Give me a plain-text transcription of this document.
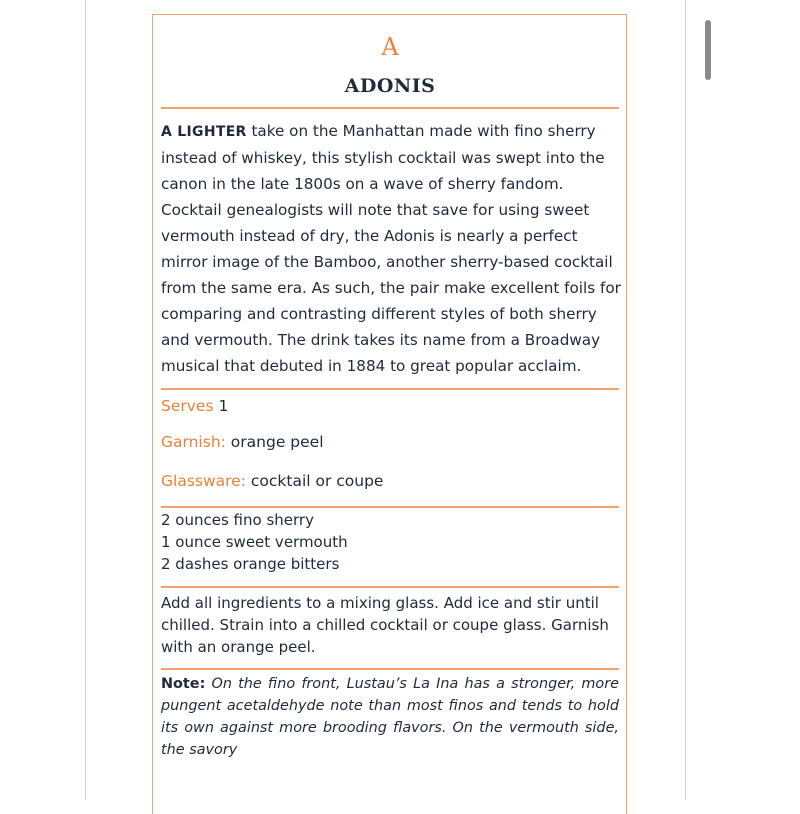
A
ADONIS
A LIGHTER take on the Manhattan made with fino sherry instead of whiskey, this stylish cocktail was swept into the canon in the late 1800s on a wave of sherry fandom. Cocktail genealogists will note that save for using sweet vermouth instead of dry, the Adonis is nearly a perfect mirror image of the Bamboo, another sherry-based cocktail from the same era. As such, the pair make excellent foils for comparing and contrasting different styles of both sherry and vermouth. The drink takes its name from a Broadway musical that debuted in 1884 to great popular acclaim.
Serves 1
Garnish: orange peel
Glassware: cocktail or coupe
2 ounces fino sherry
1 ounce sweet vermouth
2 dashes orange bitters
Add all ingredients to a mixing glass. Add ice and stir until chilled. Strain into a chilled cocktail or coupe glass. Garnish with an orange peel.
Note: On the fino front, Lustau’s La Ina has a stronger, more pungent acetaldehyde note than most finos and tends to hold its own against more brooding flavors. On the vermouth side, the savory
